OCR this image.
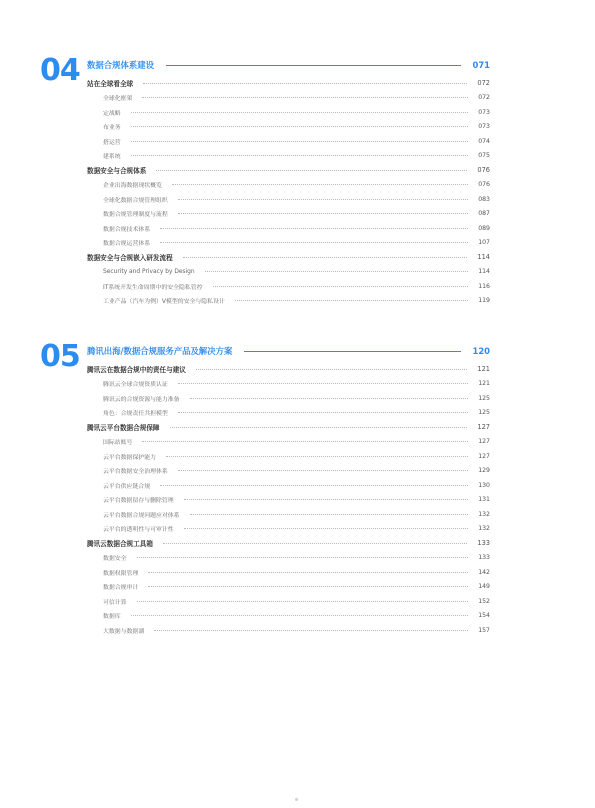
04 数据合规体系建设	071
站在全球看全球	072
全球化框架	072
定战略	073
布业务	073
搭运营	074
建系统	075
数据安全与合规体系	076
企业出海数据现状概览	076
全球化数据合规管理组织	083
数据合规管理制度与流程	087
数据合规技术体系	089
数据合规运营体系	107
数据安全与合规嵌入研发流程	114
Security and Privacy by Design	114
IT系统开发生命周期中的安全隐私管控	116
工业产品（汽车为例）V模型的安全与隐私设计	119
05 腾讯出海/数据合规服务产品及解决方案	120
腾讯云在数据合规中的责任与建议	121
腾讯云全球合规资质认证	121
腾讯云的合规资源与能力准备	125
角色：合规责任共担模型	125
腾讯云平台数据合规保障	127
国际站账号	127
云平台数据保护能力	127
云平台数据安全治理体系	129
云平台供应链合规	130
云平台数据留存与删除管理	131
云平台数据合规问题应对体系	132
云平台的透明性与可审计性	132
腾讯云数据合规工具箱	133
数据安全	133
数据权限管理	142
数据合规审计	149
可信计算	152
数据库	154
大数据与数据湖	157
